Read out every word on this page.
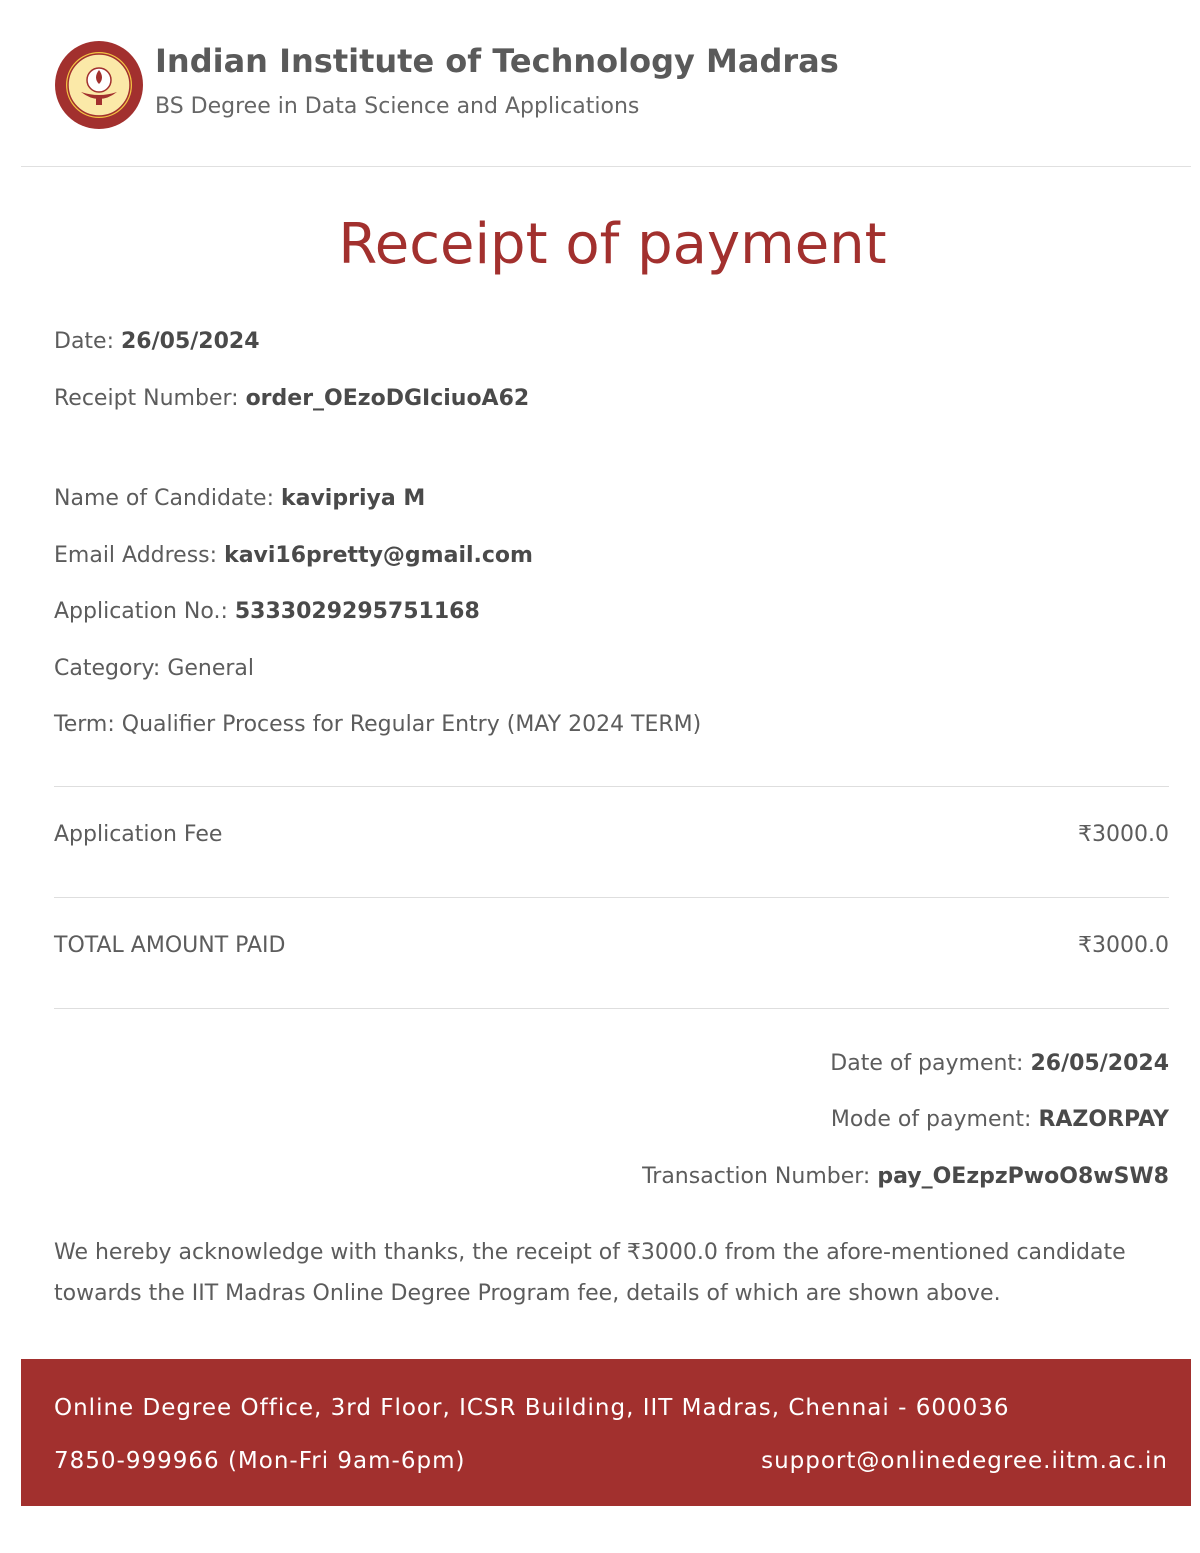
Indian Institute of Technology Madras
BS Degree in Data Science and Applications
Receipt of payment
Date: 26/05/2024
Receipt Number: order_OEzoDGIciuoA62
Name of Candidate: kavipriya M
Email Address: kavi16pretty@gmail.com
Application No.: 5333029295751168
Category: General
Term: Qualifier Process for Regular Entry (MAY 2024 TERM)
Application Fee	₹3000.0
TOTAL AMOUNT PAID	₹3000.0
Date of payment: 26/05/2024
Mode of payment: RAZORPAY
Transaction Number: pay_OEzpzPwoO8wSW8
We hereby acknowledge with thanks, the receipt of ₹3000.0 from the afore-mentioned candidate towards the IIT Madras Online Degree Program fee, details of which are shown above.
Online Degree Office, 3rd Floor, ICSR Building, IIT Madras, Chennai - 600036
7850-999966 (Mon-Fri 9am-6pm)	support@onlinedegree.iitm.ac.in
